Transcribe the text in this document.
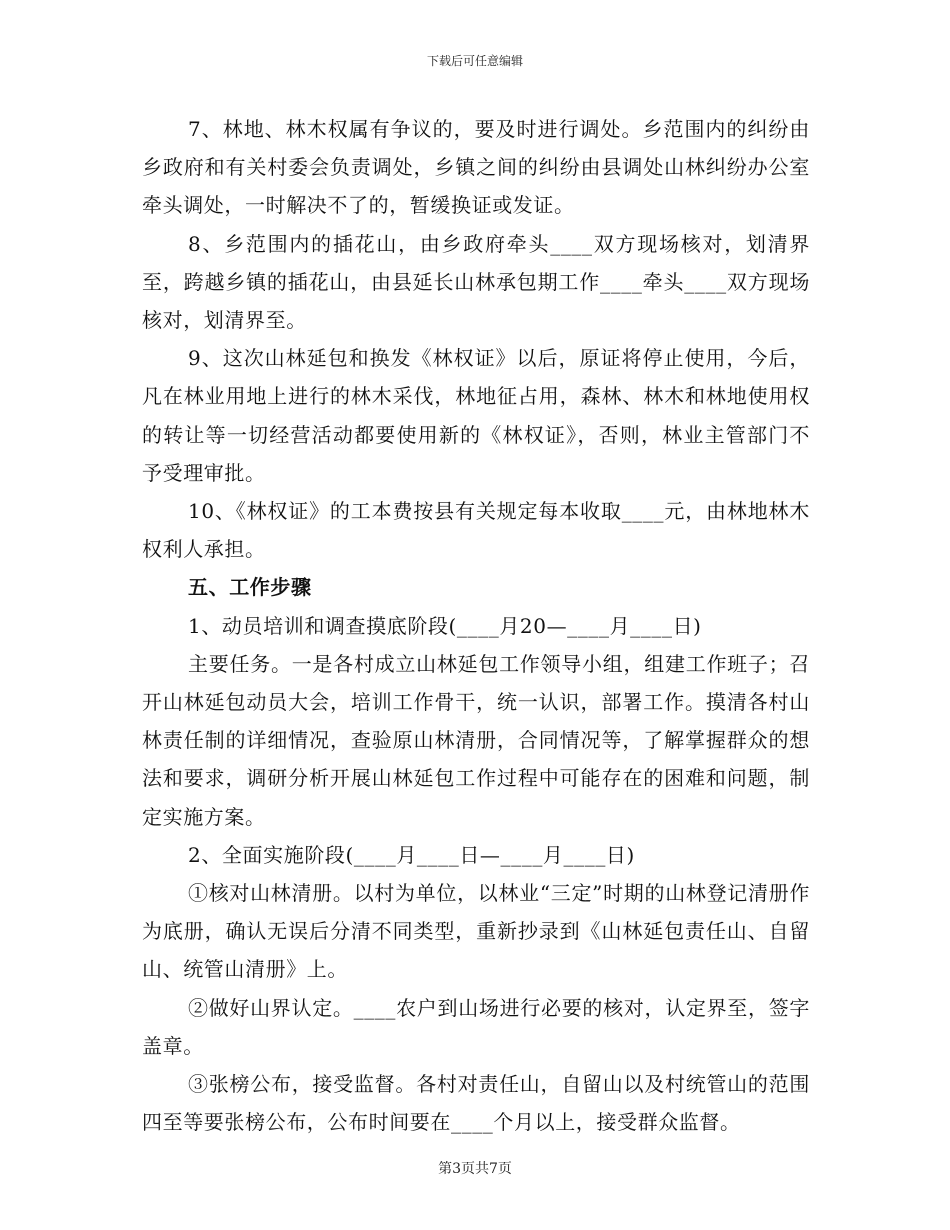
下载后可任意编辑

7、林地、林木权属有争议的，要及时进行调处。乡范围内的纠纷由乡政府和有关村委会负责调处，乡镇之间的纠纷由县调处山林纠纷办公室牵头调处，一时解决不了的，暂缓换证或发证。

8、乡范围内的插花山，由乡政府牵头____双方现场核对，划清界至，跨越乡镇的插花山，由县延长山林承包期工作____牵头____双方现场核对，划清界至。

9、这次山林延包和换发《林权证》以后，原证将停止使用，今后，凡在林业用地上进行的林木采伐，林地征占用，森林、林木和林地使用权的转让等一切经营活动都要使用新的《林权证》，否则，林业主管部门不予受理审批。

10、《林权证》的工本费按县有关规定每本收取____元，由林地林木权利人承担。

五、工作步骤

1、动员培训和调查摸底阶段(____月20—____月____日)

主要任务。一是各村成立山林延包工作领导小组，组建工作班子；召开山林延包动员大会，培训工作骨干，统一认识，部署工作。摸清各村山林责任制的详细情况，查验原山林清册，合同情况等，了解掌握群众的想法和要求，调研分析开展山林延包工作过程中可能存在的困难和问题，制定实施方案。

2、全面实施阶段(____月____日—____月____日)

①核对山林清册。以村为单位，以林业“三定”时期的山林登记清册作为底册，确认无误后分清不同类型，重新抄录到《山林延包责任山、自留山、统管山清册》上。

②做好山界认定。____农户到山场进行必要的核对，认定界至，签字盖章。

③张榜公布，接受监督。各村对责任山，自留山以及村统管山的范围四至等要张榜公布，公布时间要在____个月以上，接受群众监督。

第3页共7页
